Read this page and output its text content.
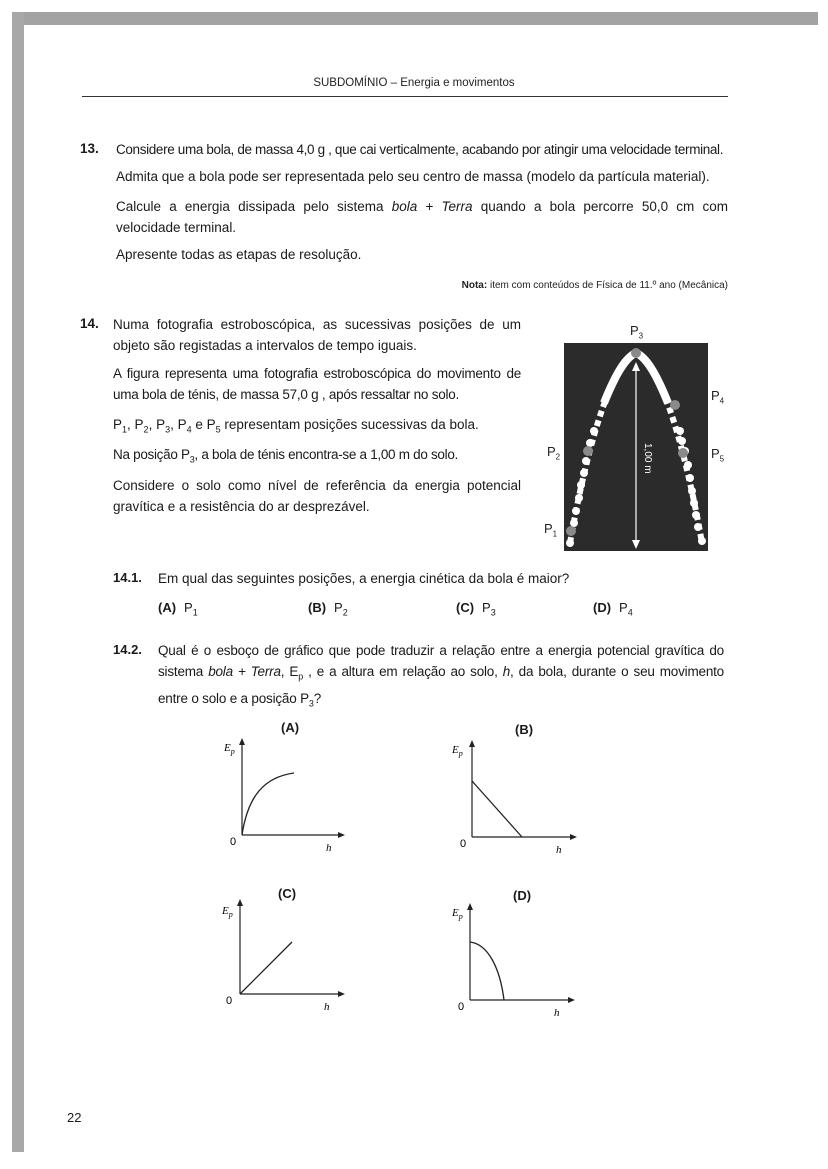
SUBDOMÍNIO – Energia e movimentos
13. Considere uma bola, de massa 4,0 g , que cai verticalmente, acabando por atingir uma velocidade terminal.
Admita que a bola pode ser representada pelo seu centro de massa (modelo da partícula material).
Calcule a energia dissipada pelo sistema bola + Terra quando a bola percorre 50,0 cm com velocidade terminal.
Apresente todas as etapas de resolução.
Nota: item com conteúdos de Física de 11.º ano (Mecânica)
14. Numa fotografia estroboscópica, as sucessivas posições de um objeto são registadas a intervalos de tempo iguais.
A figura representa uma fotografia estroboscópica do movimento de uma bola de ténis, de massa 57,0 g , após ressaltar no solo.
$P_1$, $P_2$, $P_3$, $P_4$ e $P_5$ representam posições sucessivas da bola.
Na posição $P_3$, a bola de ténis encontra-se a 1,00 m do solo.
Considere o solo como nível de referência da energia potencial gravítica e a resistência do ar desprezável.
$P_3$
$P_4$
$P_2$	$P_5$
$P_1$
1,00 m
14.1. Em qual das seguintes posições, a energia cinética da bola é maior?
(A) $P_1$	(B) $P_2$	(C) $P_3$	(D) $P_4$
14.2. Qual é o esboço de gráfico que pode traduzir a relação entre a energia potencial gravítica do sistema bola + Terra, $E_p$ , e a altura em relação ao solo, h, da bola, durante o seu movimento entre o solo e a posição $P_3$?
(A)
$E_p$
0	h
(B)
$E_p$
0	h
(C)
$E_p$
0	h
(D)
$E_p$
0	h
22
